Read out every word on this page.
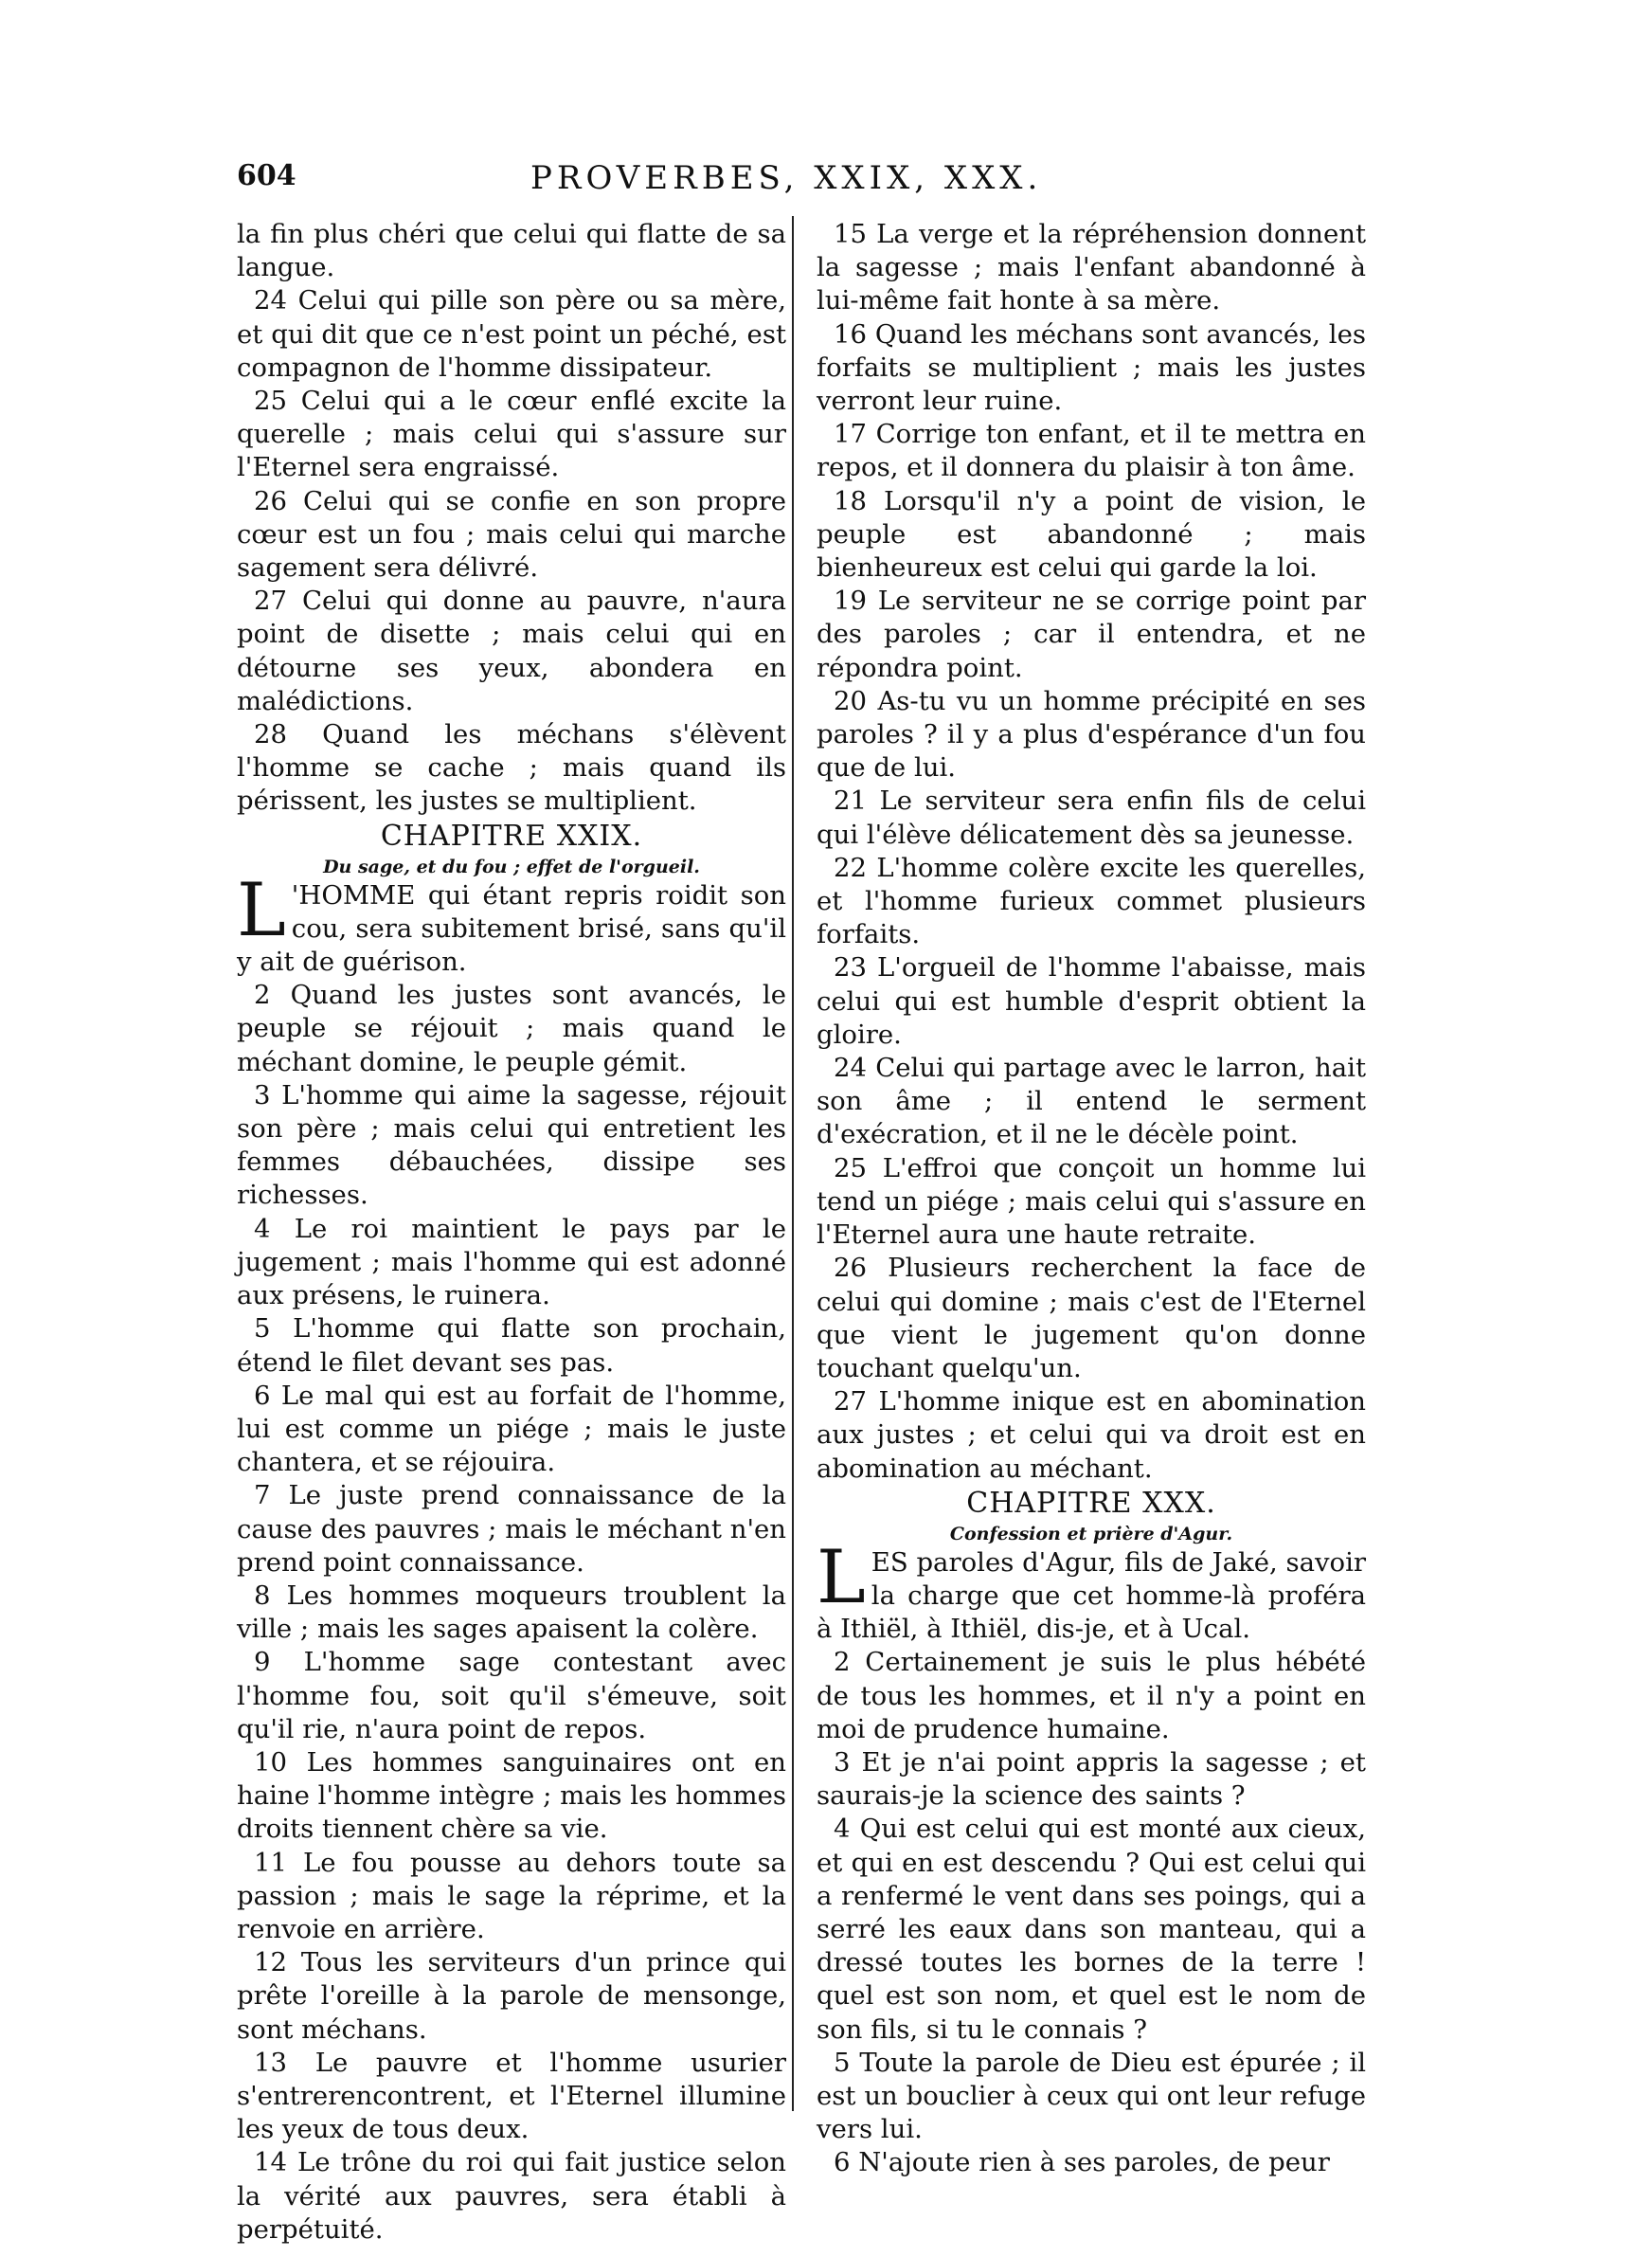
604	PROVERBES, XXIX, XXX.

la fin plus chéri que celui qui flatte de sa langue.

24 Celui qui pille son père ou sa mère, et qui dit que ce n'est point un péché, est compagnon de l'homme dissipateur.

25 Celui qui a le cœur enflé excite la querelle ; mais celui qui s'assure sur l'Eternel sera engraissé.

26 Celui qui se confie en son propre cœur est un fou ; mais celui qui marche sagement sera délivré.

27 Celui qui donne au pauvre, n'aura point de disette ; mais celui qui en détourne ses yeux, abondera en malédictions.

28 Quand les méchans s'élèvent l'homme se cache ; mais quand ils périssent, les justes se multiplient.

CHAPITRE XXIX.

Du sage, et du fou ; effet de l'orgueil.

L 'HOMME qui étant repris roidit son cou, sera subitement brisé, sans qu'il y ait de guérison.

2 Quand les justes sont avancés, le peuple se réjouit ; mais quand le méchant domine, le peuple gémit.

3 L'homme qui aime la sagesse, réjouit son père ; mais celui qui entretient les femmes débauchées, dissipe ses richesses.

4 Le roi maintient le pays par le jugement ; mais l'homme qui est adonné aux présens, le ruinera.

5 L'homme qui flatte son prochain, étend le filet devant ses pas.

6 Le mal qui est au forfait de l'homme, lui est comme un piége ; mais le juste chantera, et se réjouira.

7 Le juste prend connaissance de la cause des pauvres ; mais le méchant n'en prend point connaissance.

8 Les hommes moqueurs troublent la ville ; mais les sages apaisent la colère.

9 L'homme sage contestant avec l'homme fou, soit qu'il s'émeuve, soit qu'il rie, n'aura point de repos.

10 Les hommes sanguinaires ont en haine l'homme intègre ; mais les hommes droits tiennent chère sa vie.

11 Le fou pousse au dehors toute sa passion ; mais le sage la réprime, et la renvoie en arrière.

12 Tous les serviteurs d'un prince qui prête l'oreille à la parole de mensonge, sont méchans.

13 Le pauvre et l'homme usurier s'entrerencontrent, et l'Eternel illumine les yeux de tous deux.

14 Le trône du roi qui fait justice selon la vérité aux pauvres, sera établi à perpétuité.

15 La verge et la répréhension donnent la sagesse ; mais l'enfant abandonné à lui-même fait honte à sa mère.

16 Quand les méchans sont avancés, les forfaits se multiplient ; mais les justes verront leur ruine.

17 Corrige ton enfant, et il te mettra en repos, et il donnera du plaisir à ton âme.

18 Lorsqu'il n'y a point de vision, le peuple est abandonné ; mais bienheureux est celui qui garde la loi.

19 Le serviteur ne se corrige point par des paroles ; car il entendra, et ne répondra point.

20 As-tu vu un homme précipité en ses paroles ? il y a plus d'espérance d'un fou que de lui.

21 Le serviteur sera enfin fils de celui qui l'élève délicatement dès sa jeunesse.

22 L'homme colère excite les querelles, et l'homme furieux commet plusieurs forfaits.

23 L'orgueil de l'homme l'abaisse, mais celui qui est humble d'esprit obtient la gloire.

24 Celui qui partage avec le larron, hait son âme ; il entend le serment d'exécration, et il ne le décèle point.

25 L'effroi que conçoit un homme lui tend un piége ; mais celui qui s'assure en l'Eternel aura une haute retraite.

26 Plusieurs recherchent la face de celui qui domine ; mais c'est de l'Eternel que vient le jugement qu'on donne touchant quelqu'un.

27 L'homme inique est en abomination aux justes ; et celui qui va droit est en abomination au méchant.

CHAPITRE XXX.

Confession et prière d'Agur.

LES paroles d'Agur, fils de Jaké, savoir la charge que cet homme-là proféra à Ithiël, à Ithiël, dis-je, et à Ucal.

2 Certainement je suis le plus hébété de tous les hommes, et il n'y a point en moi de prudence humaine.

3 Et je n'ai point appris la sagesse ; et saurais-je la science des saints ?

4 Qui est celui qui est monté aux cieux, et qui en est descendu ? Qui est celui qui a renfermé le vent dans ses poings, qui a serré les eaux dans son manteau, qui a dressé toutes les bornes de la terre ! quel est son nom, et quel est le nom de son fils, si tu le connais ?

5 Toute la parole de Dieu est épurée ; il est un bouclier à ceux qui ont leur refuge vers lui.

6 N'ajoute rien à ses paroles, de peur
